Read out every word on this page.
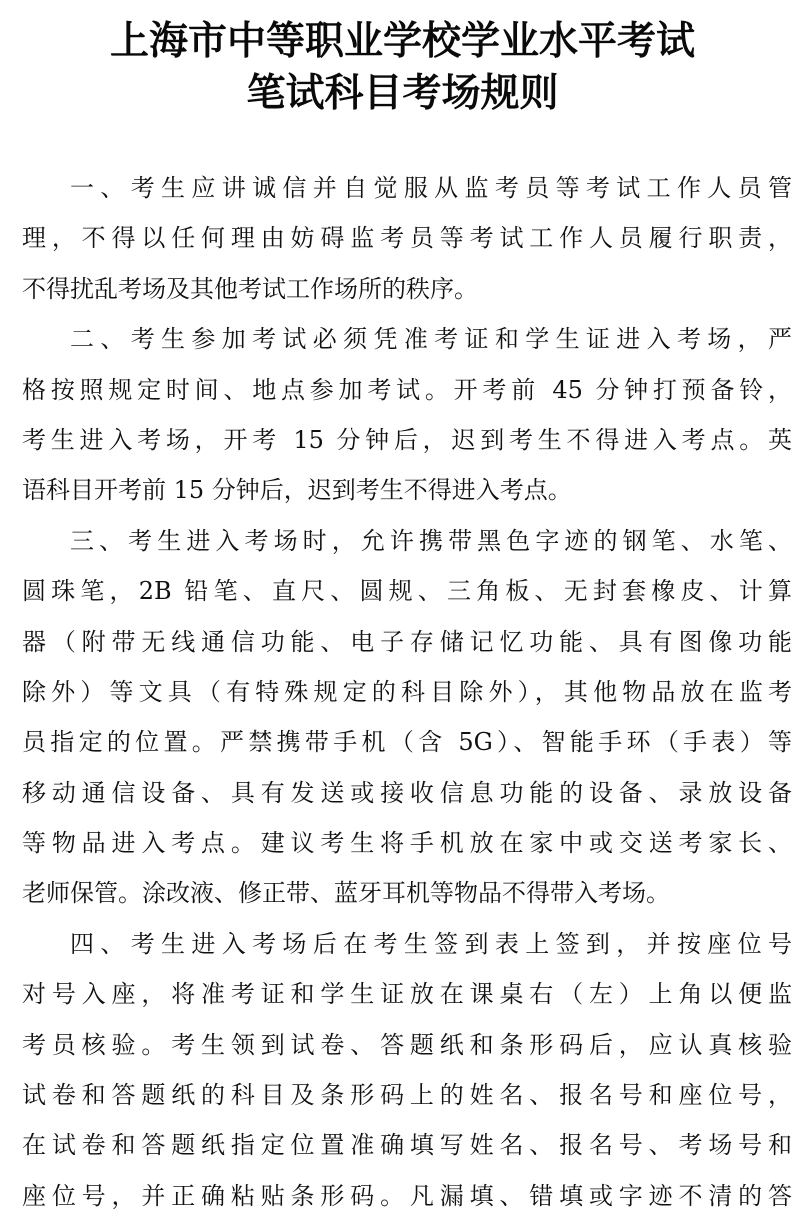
上海市中等职业学校学业水平考试
笔试科目考场规则
一、考生应讲诚信并自觉服从监考员等考试工作人员管
理，不得以任何理由妨碍监考员等考试工作人员履行职责，
不得扰乱考场及其他考试工作场所的秩序。
二、考生参加考试必须凭准考证和学生证进入考场，严
格按照规定时间、地点参加考试。开考前 45 分钟打预备铃，
考生进入考场，开考 15 分钟后，迟到考生不得进入考点。英
语科目开考前 15 分钟后，迟到考生不得进入考点。
三、考生进入考场时，允许携带黑色字迹的钢笔、水笔、
圆珠笔，2B 铅笔、直尺、圆规、三角板、无封套橡皮、计算
器（附带无线通信功能、电子存储记忆功能、具有图像功能
除外）等文具（有特殊规定的科目除外），其他物品放在监考
员指定的位置。严禁携带手机（含 5G）、智能手环（手表）等
移动通信设备、具有发送或接收信息功能的设备、录放设备
等物品进入考点。建议考生将手机放在家中或交送考家长、
老师保管。涂改液、修正带、蓝牙耳机等物品不得带入考场。
四、考生进入考场后在考生签到表上签到，并按座位号
对号入座，将准考证和学生证放在课桌右（左）上角以便监
考员核验。考生领到试卷、答题纸和条形码后，应认真核验
试卷和答题纸的科目及条形码上的姓名、报名号和座位号，
在试卷和答题纸指定位置准确填写姓名、报名号、考场号和
座位号，并正确粘贴条形码。凡漏填、错填或字迹不清的答
